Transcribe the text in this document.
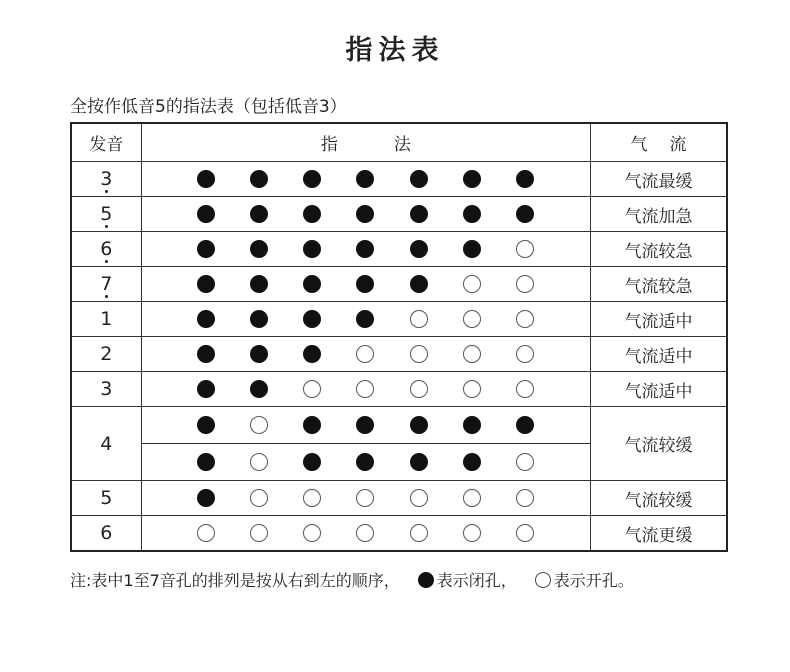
指法表
全按作低音5的指法表（包括低音3）
发音	指法	气流
3		气流最缓
5		气流加急
6		气流较急
7		气流较急
1		气流适中
2		气流适中
3		气流适中
4		气流较缓

5		气流较缓
6		气流更缓
注:表中1至7音孔的排列是按从右到左的顺序， 表示闭孔， 表示开孔。
